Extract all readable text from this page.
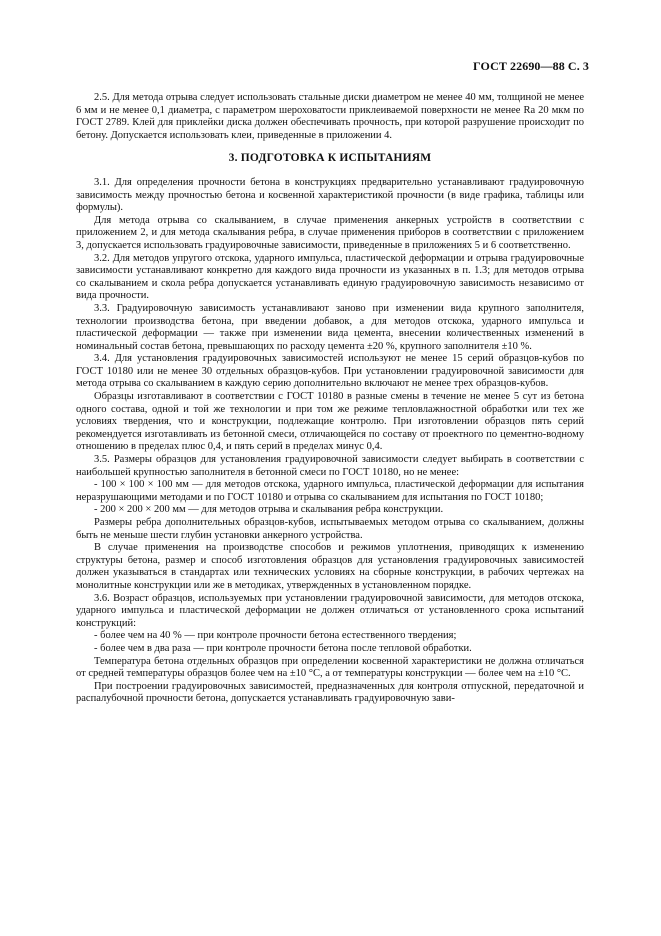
ГОСТ 22690—88 С. 3

2.5. Для метода отрыва следует использовать стальные диски диаметром не менее 40 мм, толщиной не менее 6 мм и не менее 0,1 диаметра, с параметром шероховатости приклеиваемой поверхности не менее Ra 20 мкм по ГОСТ 2789. Клей для приклейки диска должен обеспечивать прочность, при которой разрушение происходит по бетону. Допускается использовать клеи, приведенные в приложении 4.

3. ПОДГОТОВКА К ИСПЫТАНИЯМ

3.1. Для определения прочности бетона в конструкциях предварительно устанавливают градуировочную зависимость между прочностью бетона и косвенной характеристикой прочности (в виде графика, таблицы или формулы).

Для метода отрыва со скалыванием, в случае применения анкерных устройств в соответствии с приложением 2, и для метода скалывания ребра, в случае применения приборов в соответствии с приложением 3, допускается использовать градуировочные зависимости, приведенные в приложениях 5 и 6 соответственно.

3.2. Для методов упругого отскока, ударного импульса, пластической деформации и отрыва градуировочные зависимости устанавливают конкретно для каждого вида прочности из указанных в п. 1.3; для методов отрыва со скалыванием и скола ребра допускается устанавливать единую градуировочную зависимость независимо от вида прочности.

3.3. Градуировочную зависимость устанавливают заново при изменении вида крупного заполнителя, технологии производства бетона, при введении добавок, а для методов отскока, ударного импульса и пластической деформации — также при изменении вида цемента, внесении количественных изменений в номинальный состав бетона, превышающих по расходу цемента ±20 %, крупного заполнителя ±10 %.

3.4. Для установления градуировочных зависимостей используют не менее 15 серий образцов-кубов по ГОСТ 10180 или не менее 30 отдельных образцов-кубов. При установлении градуировочной зависимости для метода отрыва со скалыванием в каждую серию дополнительно включают не менее трех образцов-кубов.

Образцы изготавливают в соответствии с ГОСТ 10180 в разные смены в течение не менее 5 сут из бетона одного состава, одной и той же технологии и при том же режиме тепловлажностной обработки или тех же условиях твердения, что и конструкции, подлежащие контролю. При изготовлении образцов пять серий рекомендуется изготавливать из бетонной смеси, отличающейся по составу от проектного по цементно-водному отношению в пределах плюс 0,4, и пять серий в пределах минус 0,4.

3.5. Размеры образцов для установления градуировочной зависимости следует выбирать в соответствии с наибольшей крупностью заполнителя в бетонной смеси по ГОСТ 10180, но не менее:

- 100 × 100 × 100 мм — для методов отскока, ударного импульса, пластической деформации для испытания неразрушающими методами и по ГОСТ 10180 и отрыва со скалыванием для испытания по ГОСТ 10180;

- 200 × 200 × 200 мм — для методов отрыва и скалывания ребра конструкции.

Размеры ребра дополнительных образцов-кубов, испытываемых методом отрыва со скалыванием, должны быть не меньше шести глубин установки анкерного устройства.

В случае применения на производстве способов и режимов уплотнения, приводящих к изменению структуры бетона, размер и способ изготовления образцов для установления градуировочных зависимостей должен указываться в стандартах или технических условиях на сборные конструкции, в рабочих чертежах на монолитные конструкции или же в методиках, утвержденных в установленном порядке.

3.6. Возраст образцов, используемых при установлении градуировочной зависимости, для методов отскока, ударного импульса и пластической деформации не должен отличаться от установленного срока испытаний конструкций:

- более чем на 40 % — при контроле прочности бетона естественного твердения;

- более чем в два раза — при контроле прочности бетона после тепловой обработки.

Температура бетона отдельных образцов при определении косвенной характеристики не должна отличаться от средней температуры образцов более чем на ±10 °С, а от температуры конструкции — более чем на ±10 °С.

При построении градуировочных зависимостей, предназначенных для контроля отпускной, передаточной и распалубочной прочности бетона, допускается устанавливать градуировочную зави-
